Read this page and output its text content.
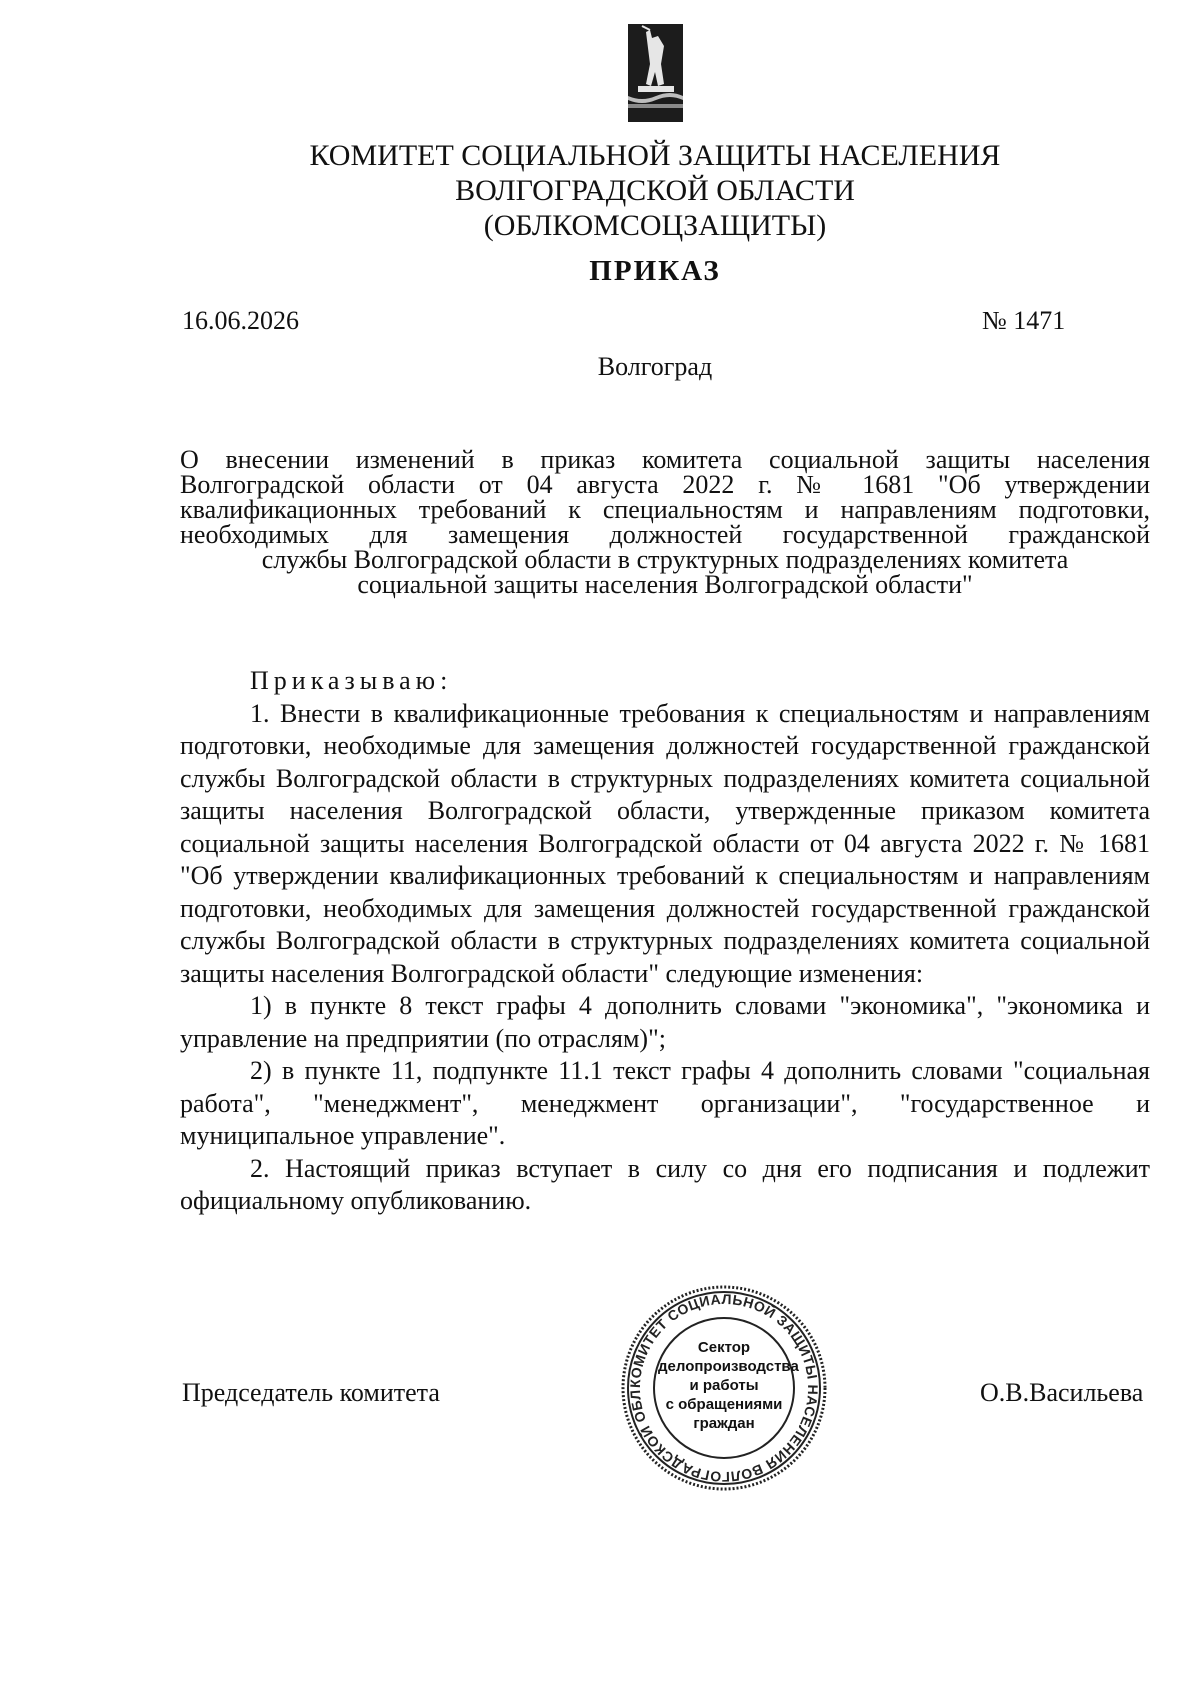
КОМИТЕТ СОЦИАЛЬНОЙ ЗАЩИТЫ НАСЕЛЕНИЯ
ВОЛГОГРАДСКОЙ ОБЛАСТИ
(ОБЛКОМСОЦЗАЩИТЫ)
ПРИКАЗ
16.06.2026	№ 1471
Волгоград
О внесении изменений в приказ комитета социальной защиты населения
Волгоградской области от 04 августа 2022 г. № 1681 "Об утверждении
квалификационных требований к специальностям и направлениям подготовки,
необходимых для замещения должностей государственной гражданской
службы Волгоградской области в структурных подразделениях комитета
социальной защиты населения Волгоградской области"
Приказываю:

1. Внести в квалификационные требования к специальностям и направлениям подготовки, необходимые для замещения должностей государственной гражданской службы Волгоградской области в структурных подразделениях комитета социальной защиты населения Волгоградской области, утвержденные приказом комитета социальной защиты населения Волгоградской области от 04 августа 2022 г. № 1681 "Об утверждении квалификационных требований к специальностям и направлениям подготовки, необходимых для замещения должностей государственной гражданской службы Волгоградской области в структурных подразделениях комитета социальной защиты населения Волгоградской области" следующие изменения:

1) в пункте 8 текст графы 4 дополнить словами "экономика", "экономика и управление на предприятии (по отраслям)";

2) в пункте 11, подпункте 11.1 текст графы 4 дополнить словами "социальная работа", "менеджмент", менеджмент организации", "государственное и муниципальное управление".

2. Настоящий приказ вступает в силу со дня его подписания и подлежит официальному опубликованию.

Председатель комитета	О.В.Васильева
КОМИТЕТ СОЦИАЛЬНОЙ ЗАЩИТЫ НАСЕЛЕНИЯ ВОЛГОГРАДСКОЙ ОБЛ
Сектор
делопроизводства
и работы
с обращениями
граждан
